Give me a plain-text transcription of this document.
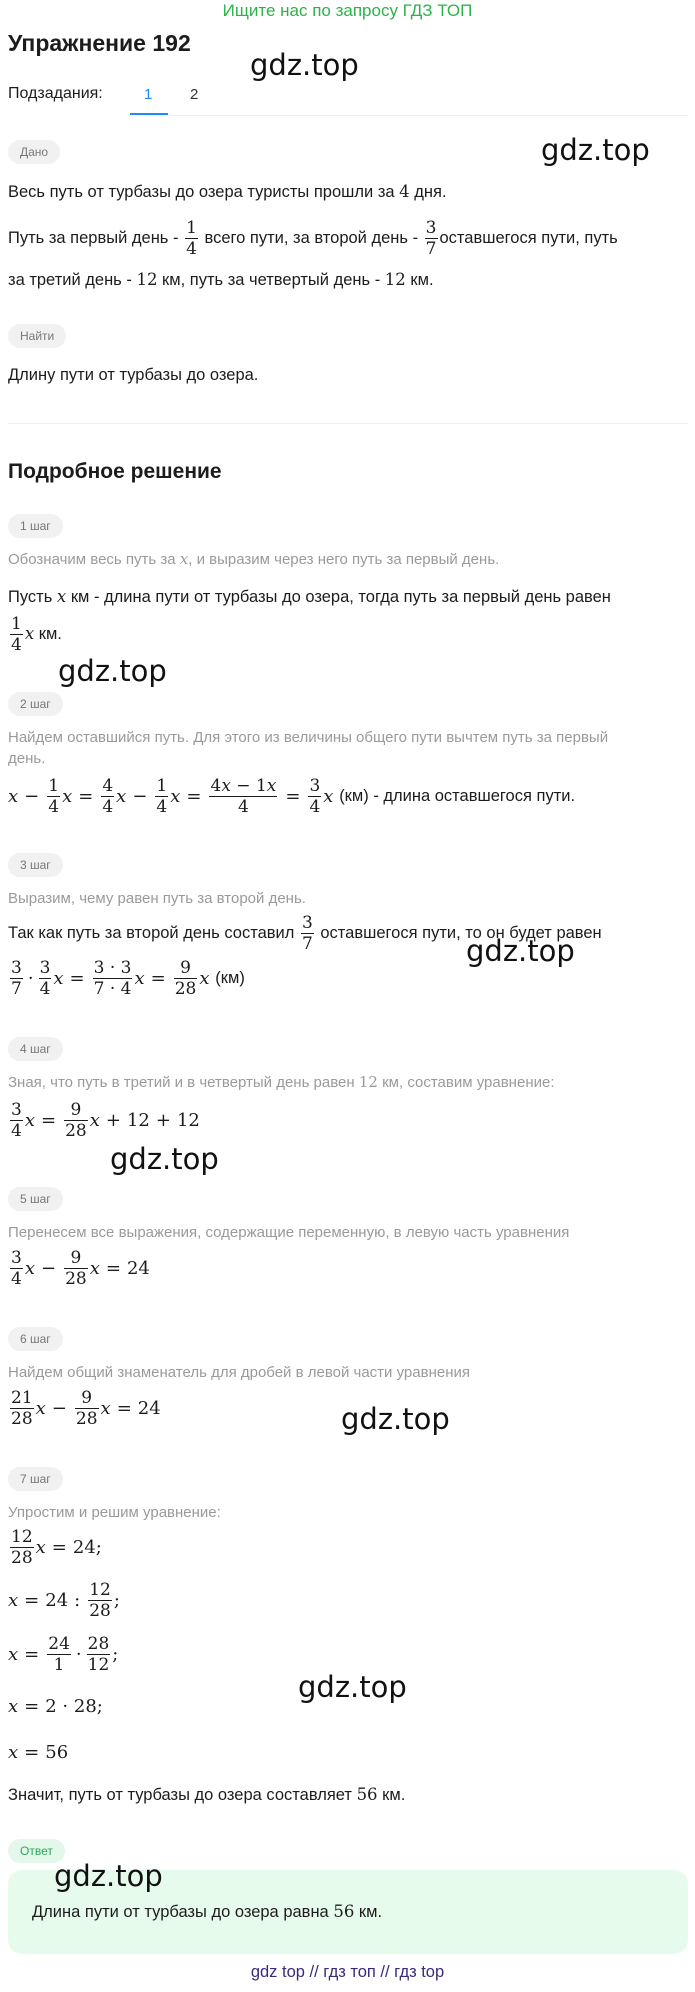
Ищите нас по запросу ГДЗ ТОП
Упражнение 192
Подзадания:	1	2
Дано
Весь путь от турбазы до озера туристы прошли за 4 дня.
Путь за первый день - $\frac{1}{4}$ всего пути, за второй день - $\frac{3}{7}$ оставшегося пути, путь
за третий день - 12 км, путь за четвертый день - 12 км.
Найти
Длину пути от турбазы до озера.
Подробное решение
1 шаг
Обозначим весь путь за x, и выразим через него путь за первый день.
Пусть x км - длина пути от турбазы до озера, тогда путь за первый день равен
$\frac{1}{4}$ x км.
2 шаг
Найдем оставшийся путь. Для этого из величины общего пути вычтем путь за первый
день.
$x - \frac{1}{4}$ $x = \frac{4}{4}$ $x - \frac{1}{4}$ $x = \frac{4x - 1x}{4} = \frac{3}{4}$ x
(км) - длина оставшегося пути.
3 шаг
Выразим, чему равен путь за второй день.
Так как путь за второй день составил $\frac{3}{7}$ оставшегося пути, то он будет равен
$\frac{3}{7} \cdot \frac{3}{4}$ $x = \frac{3 \cdot 3}{7 \cdot 4}$ $x = \frac{9}{28}$ x
(км)
4 шаг
Зная, что путь в третий и в четвертый день равен 12 км, составим уравнение:
$\frac{3}{4}$ $x = \frac{9}{28}$ x + 12 + 12
5 шаг
Перенесем все выражения, содержащие переменную, в левую часть уравнения
$\frac{3}{4}$ $x - \frac{9}{28}$ x = 24
6 шаг
Найдем общий знаменатель для дробей в левой части уравнения
$\frac{21}{28}$ $x - \frac{9}{28}$ x = 24
7 шаг
Упростим и решим уравнение:
$\frac{12}{28}$ x = 24;
x = 24 : $\frac{12}{28}$ ;
$x = \frac{24}{1} \cdot \frac{28}{12}$ ;
x = 2 · 28;
x = 56
Значит, путь от турбазы до озера составляет 56 км.
Ответ
Длина пути от турбазы до озера равна 56 км.
gdz.top
gdz.top
gdz.top
gdz.top
gdz.top
gdz.top
gdz.top
gdz.top
gdz top // гдз топ // гдз top
